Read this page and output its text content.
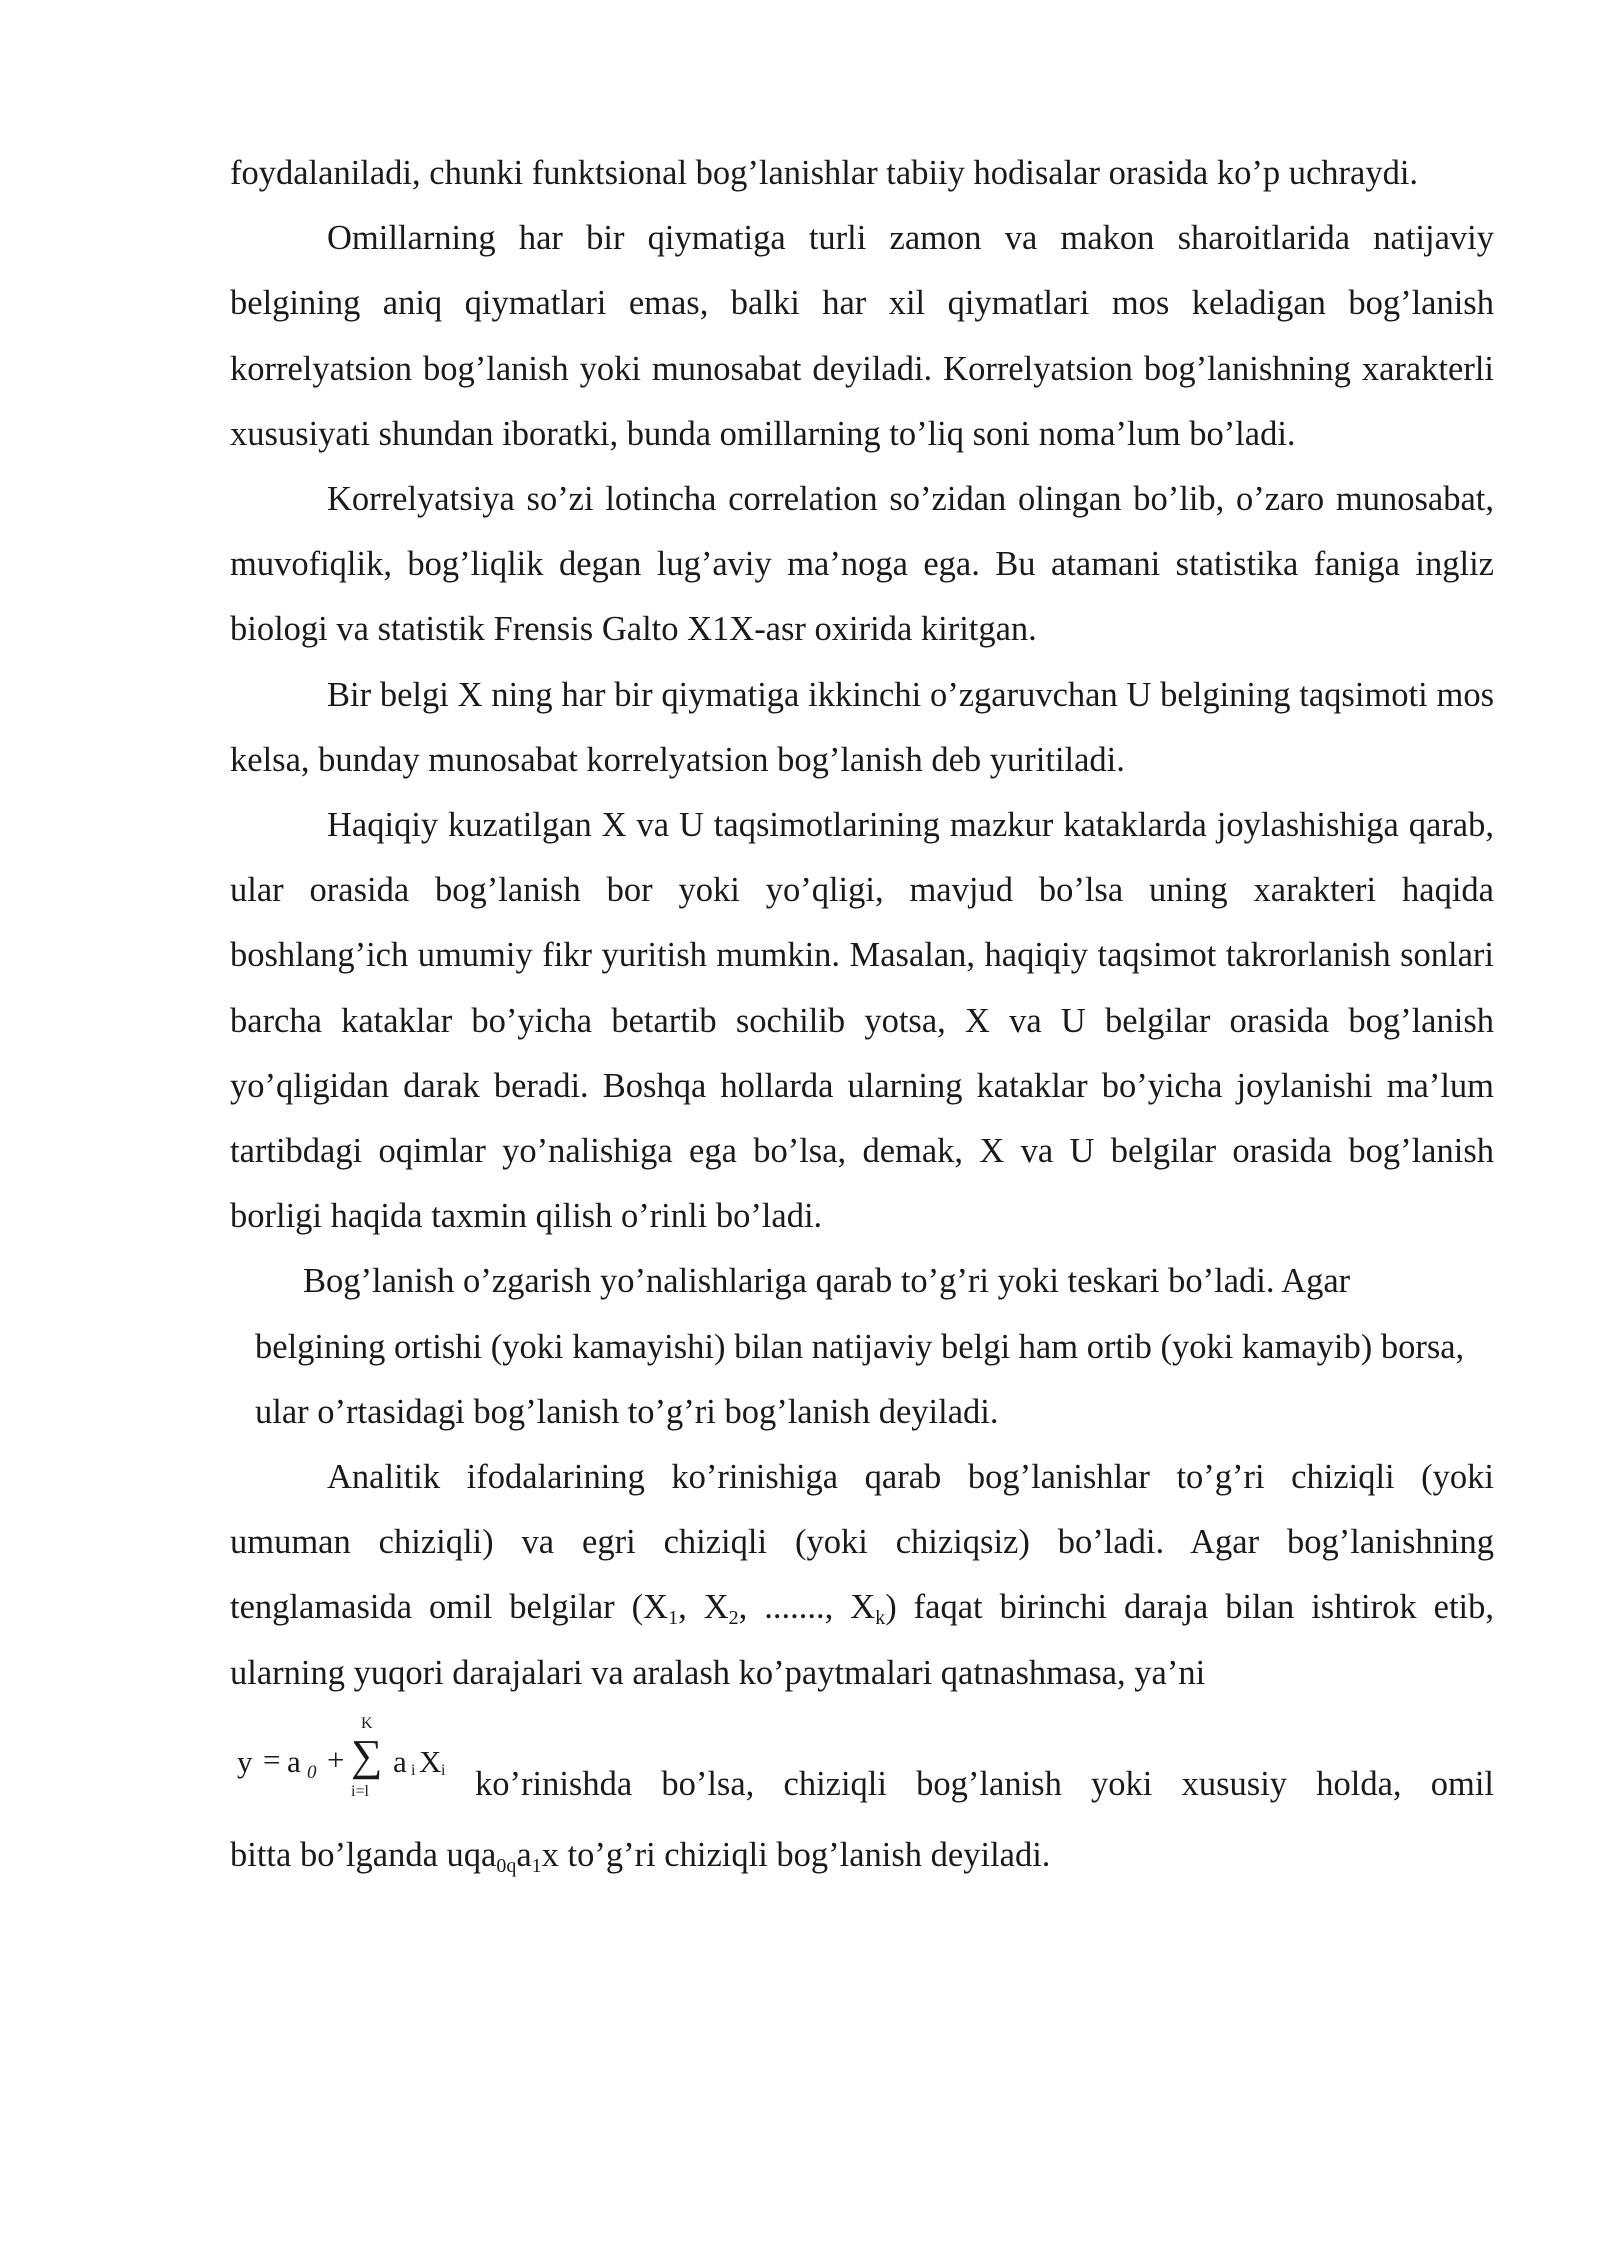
foydalaniladi, chunki funktsional bog’lanishlar tabiiy hodisalar orasida ko’p uchraydi.

Omillarning har bir qiymatiga turli zamon va makon sharoitlarida natijaviy belgining aniq qiymatlari emas, balki har xil qiymatlari mos keladigan bog’lanish korrelyatsion bog’lanish yoki munosabat deyiladi. Korrelyatsion bog’lanishning xarakterli xususiyati shundan iboratki, bunda omillarning to’liq soni noma’lum bo’ladi.

Korrelyatsiya so’zi lotincha correlation so’zidan olingan bo’lib, o’zaro munosabat, muvofiqlik, bog’liqlik degan lug’aviy ma’noga ega. Bu atamani statistika faniga ingliz biologi va statistik Frensis Galto X1X-asr oxirida kiritgan.

Bir belgi X ning har bir qiymatiga ikkinchi o’zgaruvchan U belgining taqsimoti mos kelsa, bunday munosabat korrelyatsion bog’lanish deb yuritiladi.

Haqiqiy kuzatilgan X va U taqsimotlarining mazkur kataklarda joylashishiga qarab, ular orasida bog’lanish bor yoki yo’qligi, mavjud bo’lsa uning xarakteri haqida boshlang’ich umumiy fikr yuritish mumkin. Masalan, haqiqiy taqsimot takrorlanish sonlari barcha kataklar bo’yicha betartib sochilib yotsa, X va U belgilar orasida bog’lanish yo’qligidan darak beradi. Boshqa hollarda ularning kataklar bo’yicha joylanishi ma’lum tartibdagi oqimlar yo’nalishiga ega bo’lsa, demak, X va U belgilar orasida bog’lanish borligi haqida taxmin qilish o’rinli bo’ladi.

Bog’lanish o’zgarish yo’nalishlariga qarab to’g’ri yoki teskari bo’ladi. Agar belgining ortishi (yoki kamayishi) bilan natijaviy belgi ham ortib (yoki kamayib) borsa, ular o’rtasidagi bog’lanish to’g’ri bog’lanish deyiladi.

Analitik ifodalarining ko’rinishiga qarab bog’lanishlar to’g’ri chiziqli (yoki umuman chiziqli) va egri chiziqli (yoki chiziqsiz) bo’ladi. Agar bog’lanishning tenglamasida omil belgilar ($X_1$, $X_2$, ......., $X_k$) faqat birinchi daraja bilan ishtirok etib, ularning yuqori darajalari va aralash ko’paytmalari qatnashmasa, ya’ni

y = a 0 +
K
∑
i=l
a i X i ko’rinishda bo’lsa, chiziqli bog’lanish yoki xususiy holda, omil

bitta bo’lganda $uqa_{0q}a_1x$ to’g’ri chiziqli bog’lanish deyiladi.
